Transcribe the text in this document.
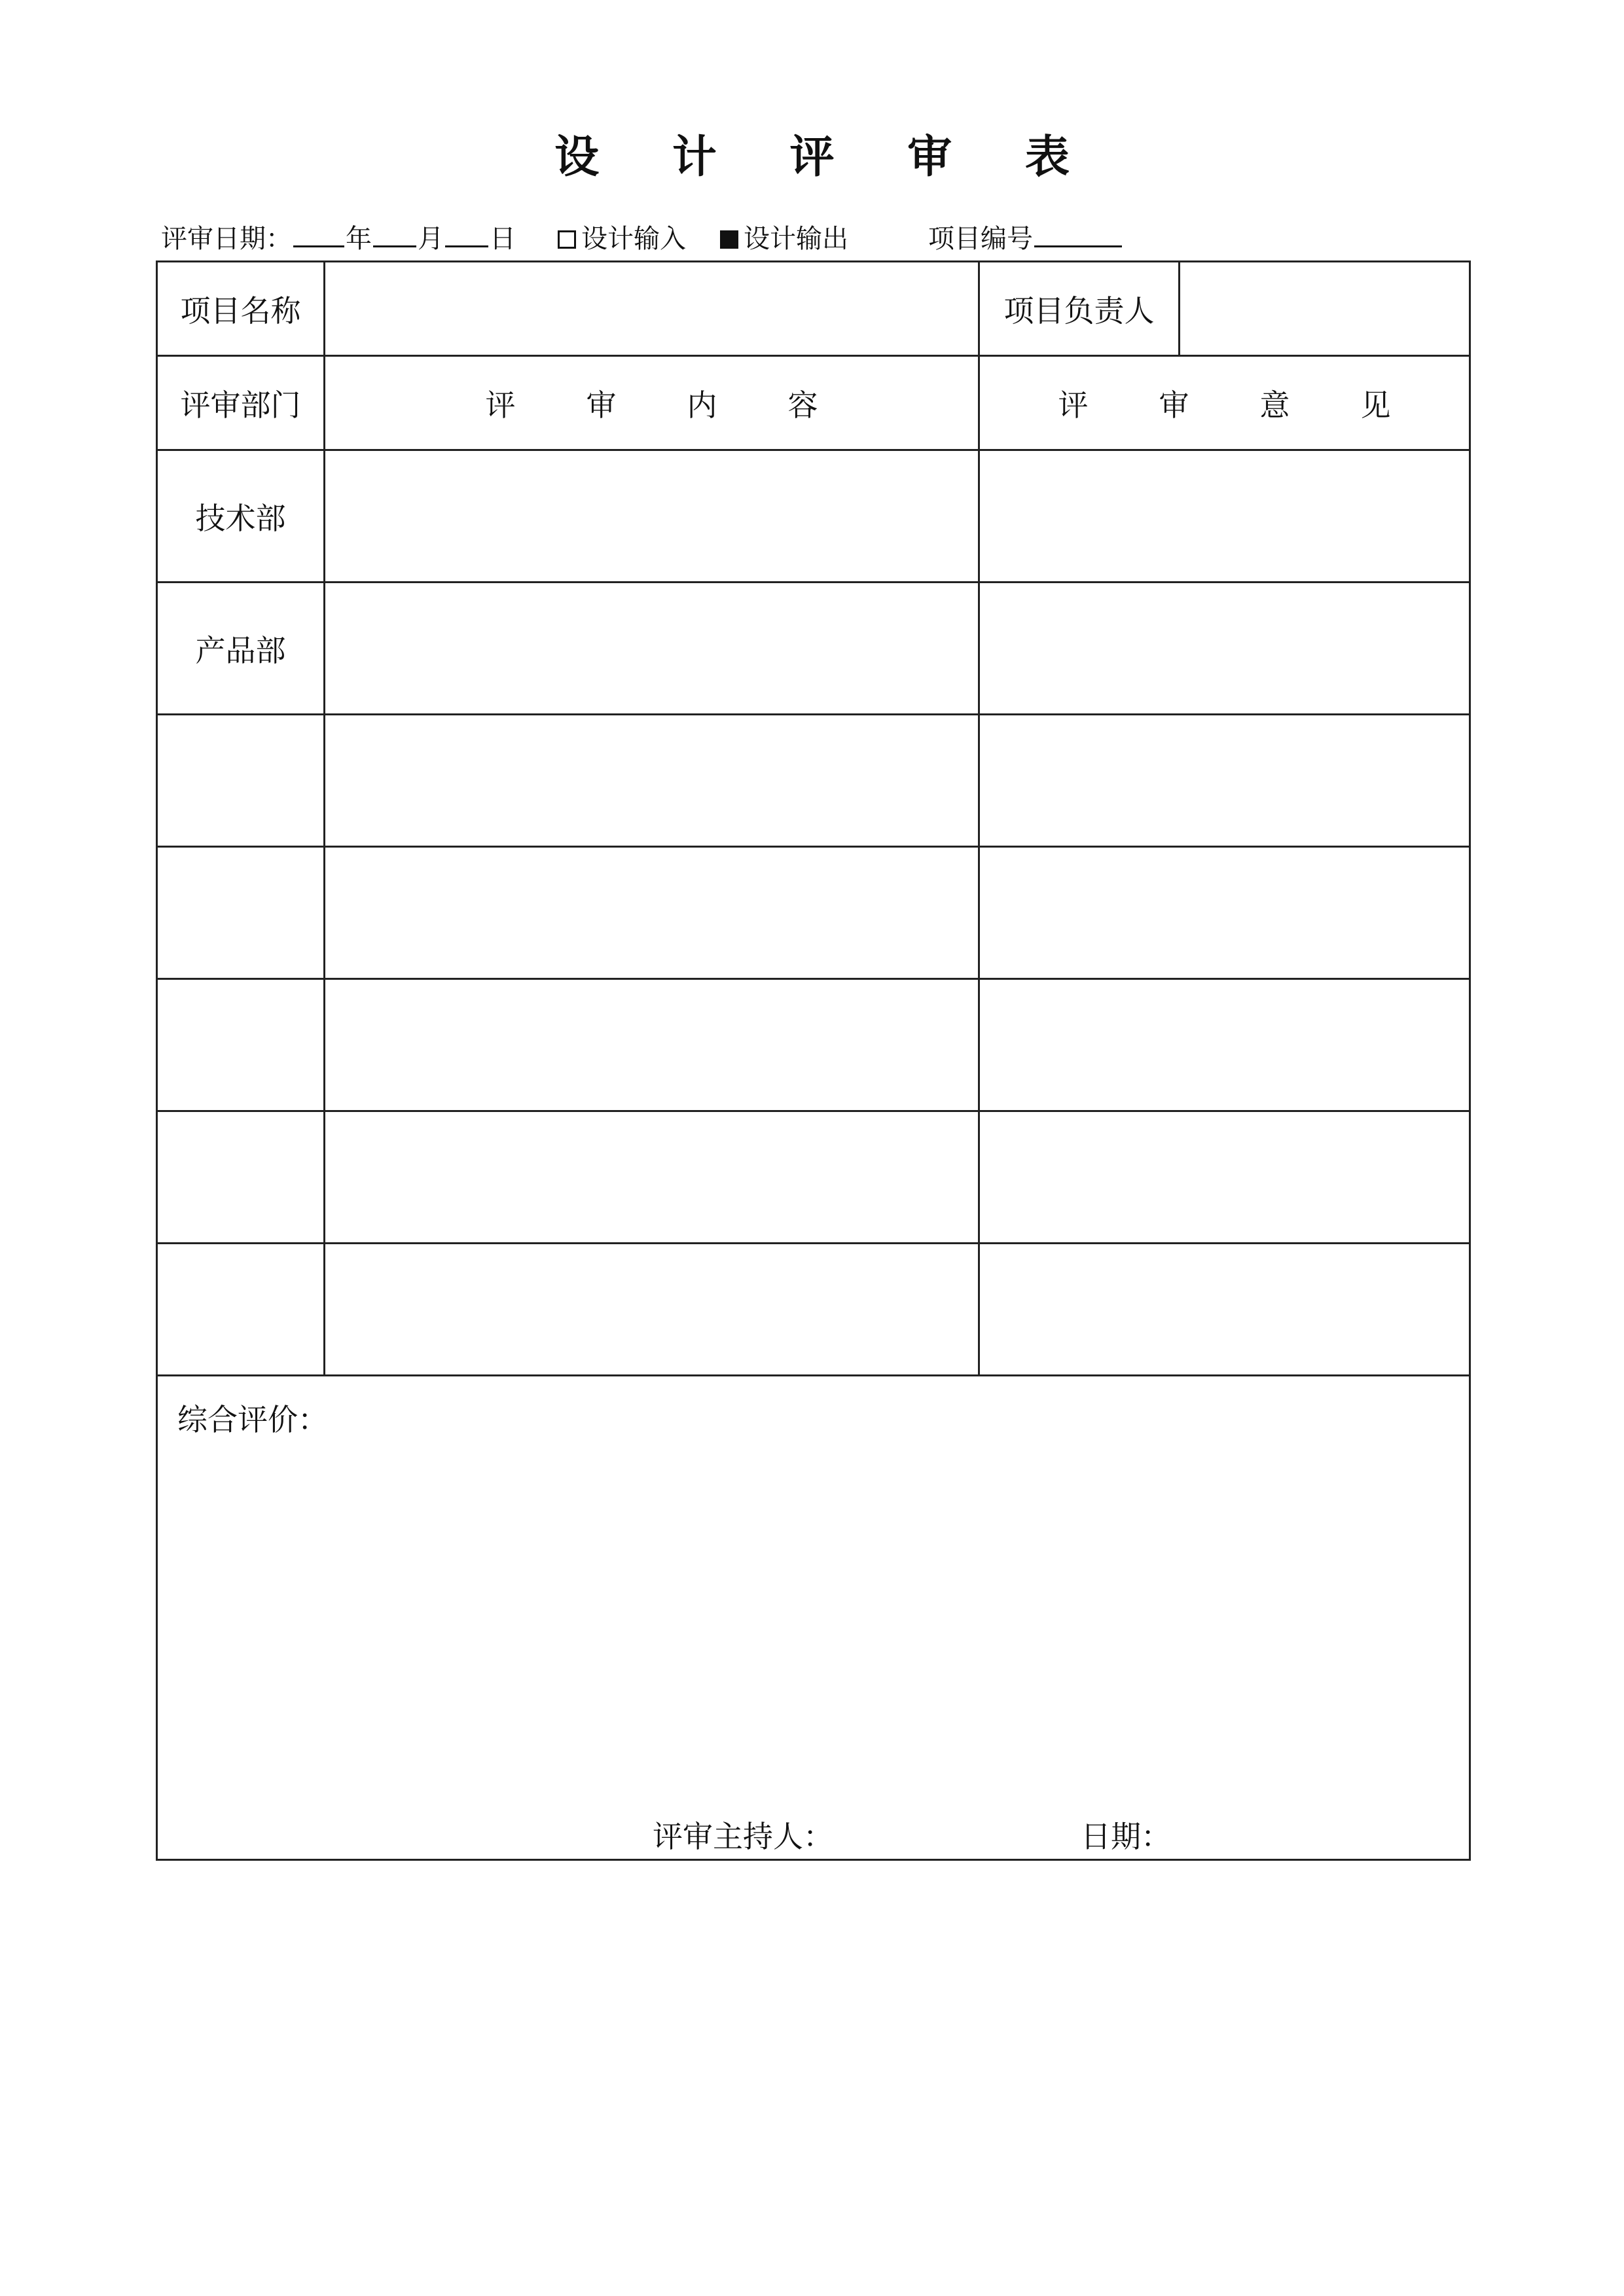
设 计 评 审 表
评审日期： 年 月 日	设计输入 设计输出	项目编号
项目名称		项目负责人	
评审部门	评 审 内 容	评 审 意 见	
技术部			
产品部			

综合评价：
评审主持人： 日期：			
